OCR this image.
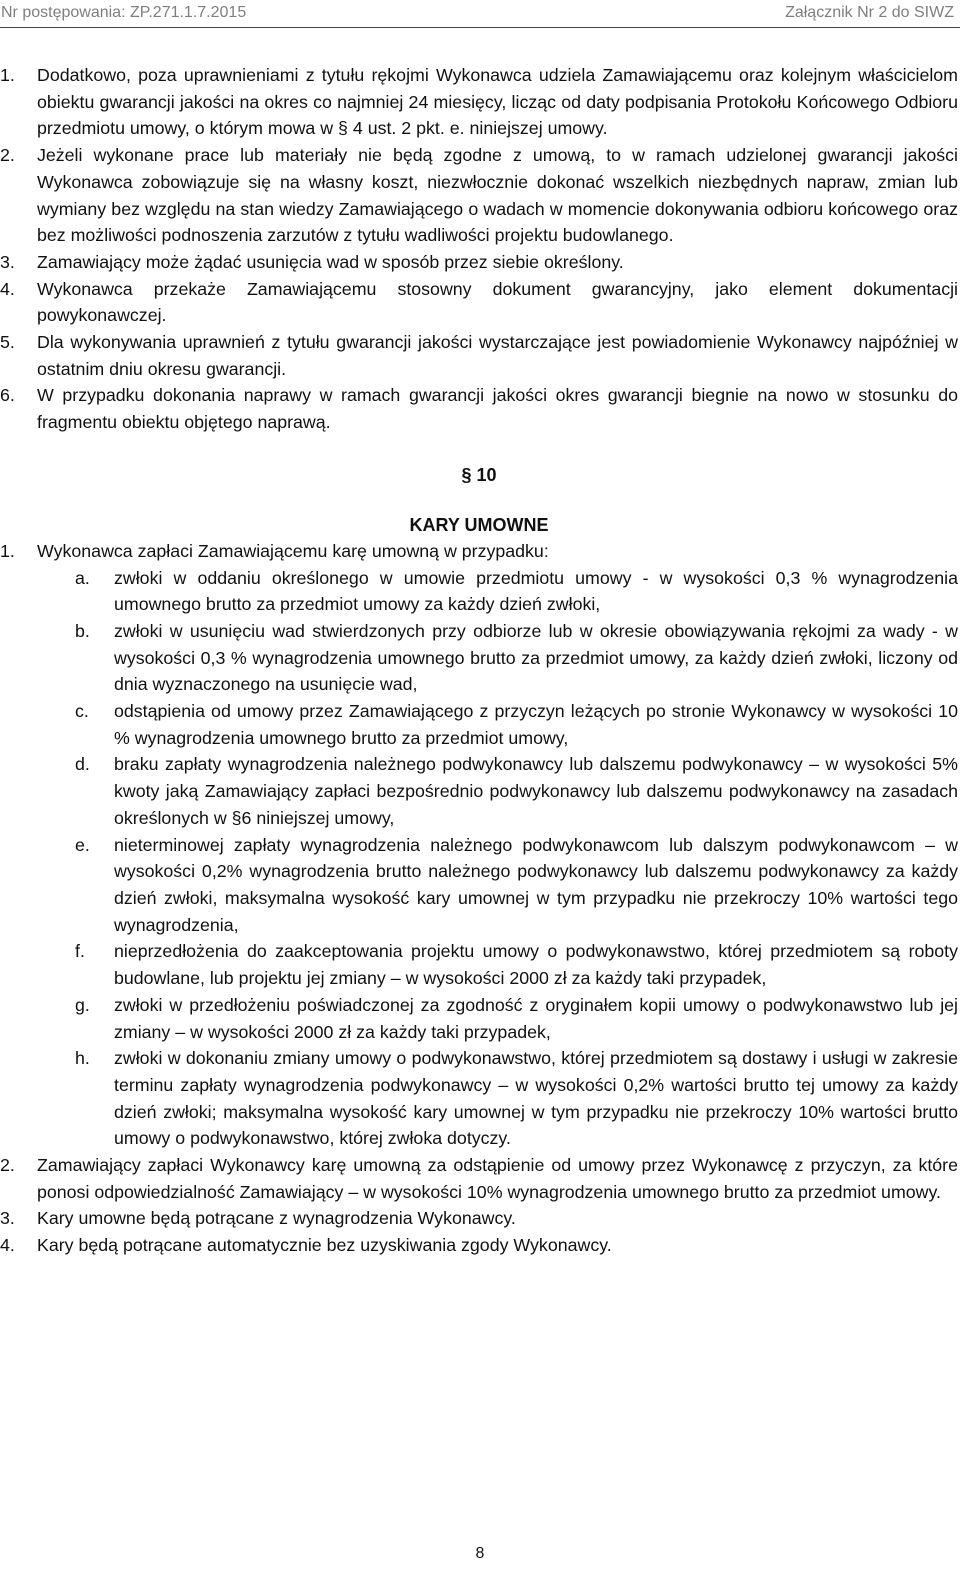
Nr postępowania: ZP.271.1.7.2015	Załącznik Nr 2 do SIWZ
1. Dodatkowo, poza uprawnieniami z tytułu rękojmi Wykonawca udziela Zamawiającemu oraz kolejnym właścicielom obiektu gwarancji jakości na okres co najmniej 24 miesięcy, licząc od daty podpisania Protokołu Końcowego Odbioru przedmiotu umowy, o którym mowa w § 4 ust. 2 pkt. e. niniejszej umowy.
2. Jeżeli wykonane prace lub materiały nie będą zgodne z umową, to w ramach udzielonej gwarancji jakości Wykonawca zobowiązuje się na własny koszt, niezwłocznie dokonać wszelkich niezbędnych napraw, zmian lub wymiany bez względu na stan wiedzy Zamawiającego o wadach w momencie dokonywania odbioru końcowego oraz bez możliwości podnoszenia zarzutów z tytułu wadliwości projektu budowlanego.
3. Zamawiający może żądać usunięcia wad w sposób przez siebie określony.
4. Wykonawca przekaże Zamawiającemu stosowny dokument gwarancyjny, jako element dokumentacji powykonawczej.
5. Dla wykonywania uprawnień z tytułu gwarancji jakości wystarczające jest powiadomienie Wykonawcy najpóźniej w ostatnim dniu okresu gwarancji.
6. W przypadku dokonania naprawy w ramach gwarancji jakości okres gwarancji biegnie na nowo w stosunku do fragmentu obiektu objętego naprawą.
§ 10
KARY UMOWNE
1. Wykonawca zapłaci Zamawiającemu karę umowną w przypadku:
a. zwłoki w oddaniu określonego w umowie przedmiotu umowy - w wysokości 0,3 % wynagrodzenia umownego brutto za przedmiot umowy za każdy dzień zwłoki,
b. zwłoki w usunięciu wad stwierdzonych przy odbiorze lub w okresie obowiązywania rękojmi za wady - w wysokości 0,3 % wynagrodzenia umownego brutto za przedmiot umowy, za każdy dzień zwłoki, liczony od dnia wyznaczonego na usunięcie wad,
c. odstąpienia od umowy przez Zamawiającego z przyczyn leżących po stronie Wykonawcy w wysokości 10 % wynagrodzenia umownego brutto za przedmiot umowy,
d. braku zapłaty wynagrodzenia należnego podwykonawcy lub dalszemu podwykonawcy – w wysokości 5% kwoty jaką Zamawiający zapłaci bezpośrednio podwykonawcy lub dalszemu podwykonawcy na zasadach określonych w §6 niniejszej umowy,
e. nieterminowej zapłaty wynagrodzenia należnego podwykonawcom lub dalszym podwykonawcom – w wysokości 0,2% wynagrodzenia brutto należnego podwykonawcy lub dalszemu podwykonawcy za każdy dzień zwłoki, maksymalna wysokość kary umownej w tym przypadku nie przekroczy 10% wartości tego wynagrodzenia,
f. nieprzedłożenia do zaakceptowania projektu umowy o podwykonawstwo, której przedmiotem są roboty budowlane, lub projektu jej zmiany – w wysokości 2000 zł za każdy taki przypadek,
g. zwłoki w przedłożeniu poświadczonej za zgodność z oryginałem kopii umowy o podwykonawstwo lub jej zmiany – w wysokości 2000 zł za każdy taki przypadek,
h. zwłoki w dokonaniu zmiany umowy o podwykonawstwo, której przedmiotem są dostawy i usługi w zakresie terminu zapłaty wynagrodzenia podwykonawcy – w wysokości 0,2% wartości brutto tej umowy za każdy dzień zwłoki; maksymalna wysokość kary umownej w tym przypadku nie przekroczy 10% wartości brutto umowy o podwykonawstwo, której zwłoka dotyczy.
2. Zamawiający zapłaci Wykonawcy karę umowną za odstąpienie od umowy przez Wykonawcę z przyczyn, za które ponosi odpowiedzialność Zamawiający – w wysokości 10% wynagrodzenia umownego brutto za przedmiot umowy.
3. Kary umowne będą potrącane z wynagrodzenia Wykonawcy.
4. Kary będą potrącane automatycznie bez uzyskiwania zgody Wykonawcy.
8
